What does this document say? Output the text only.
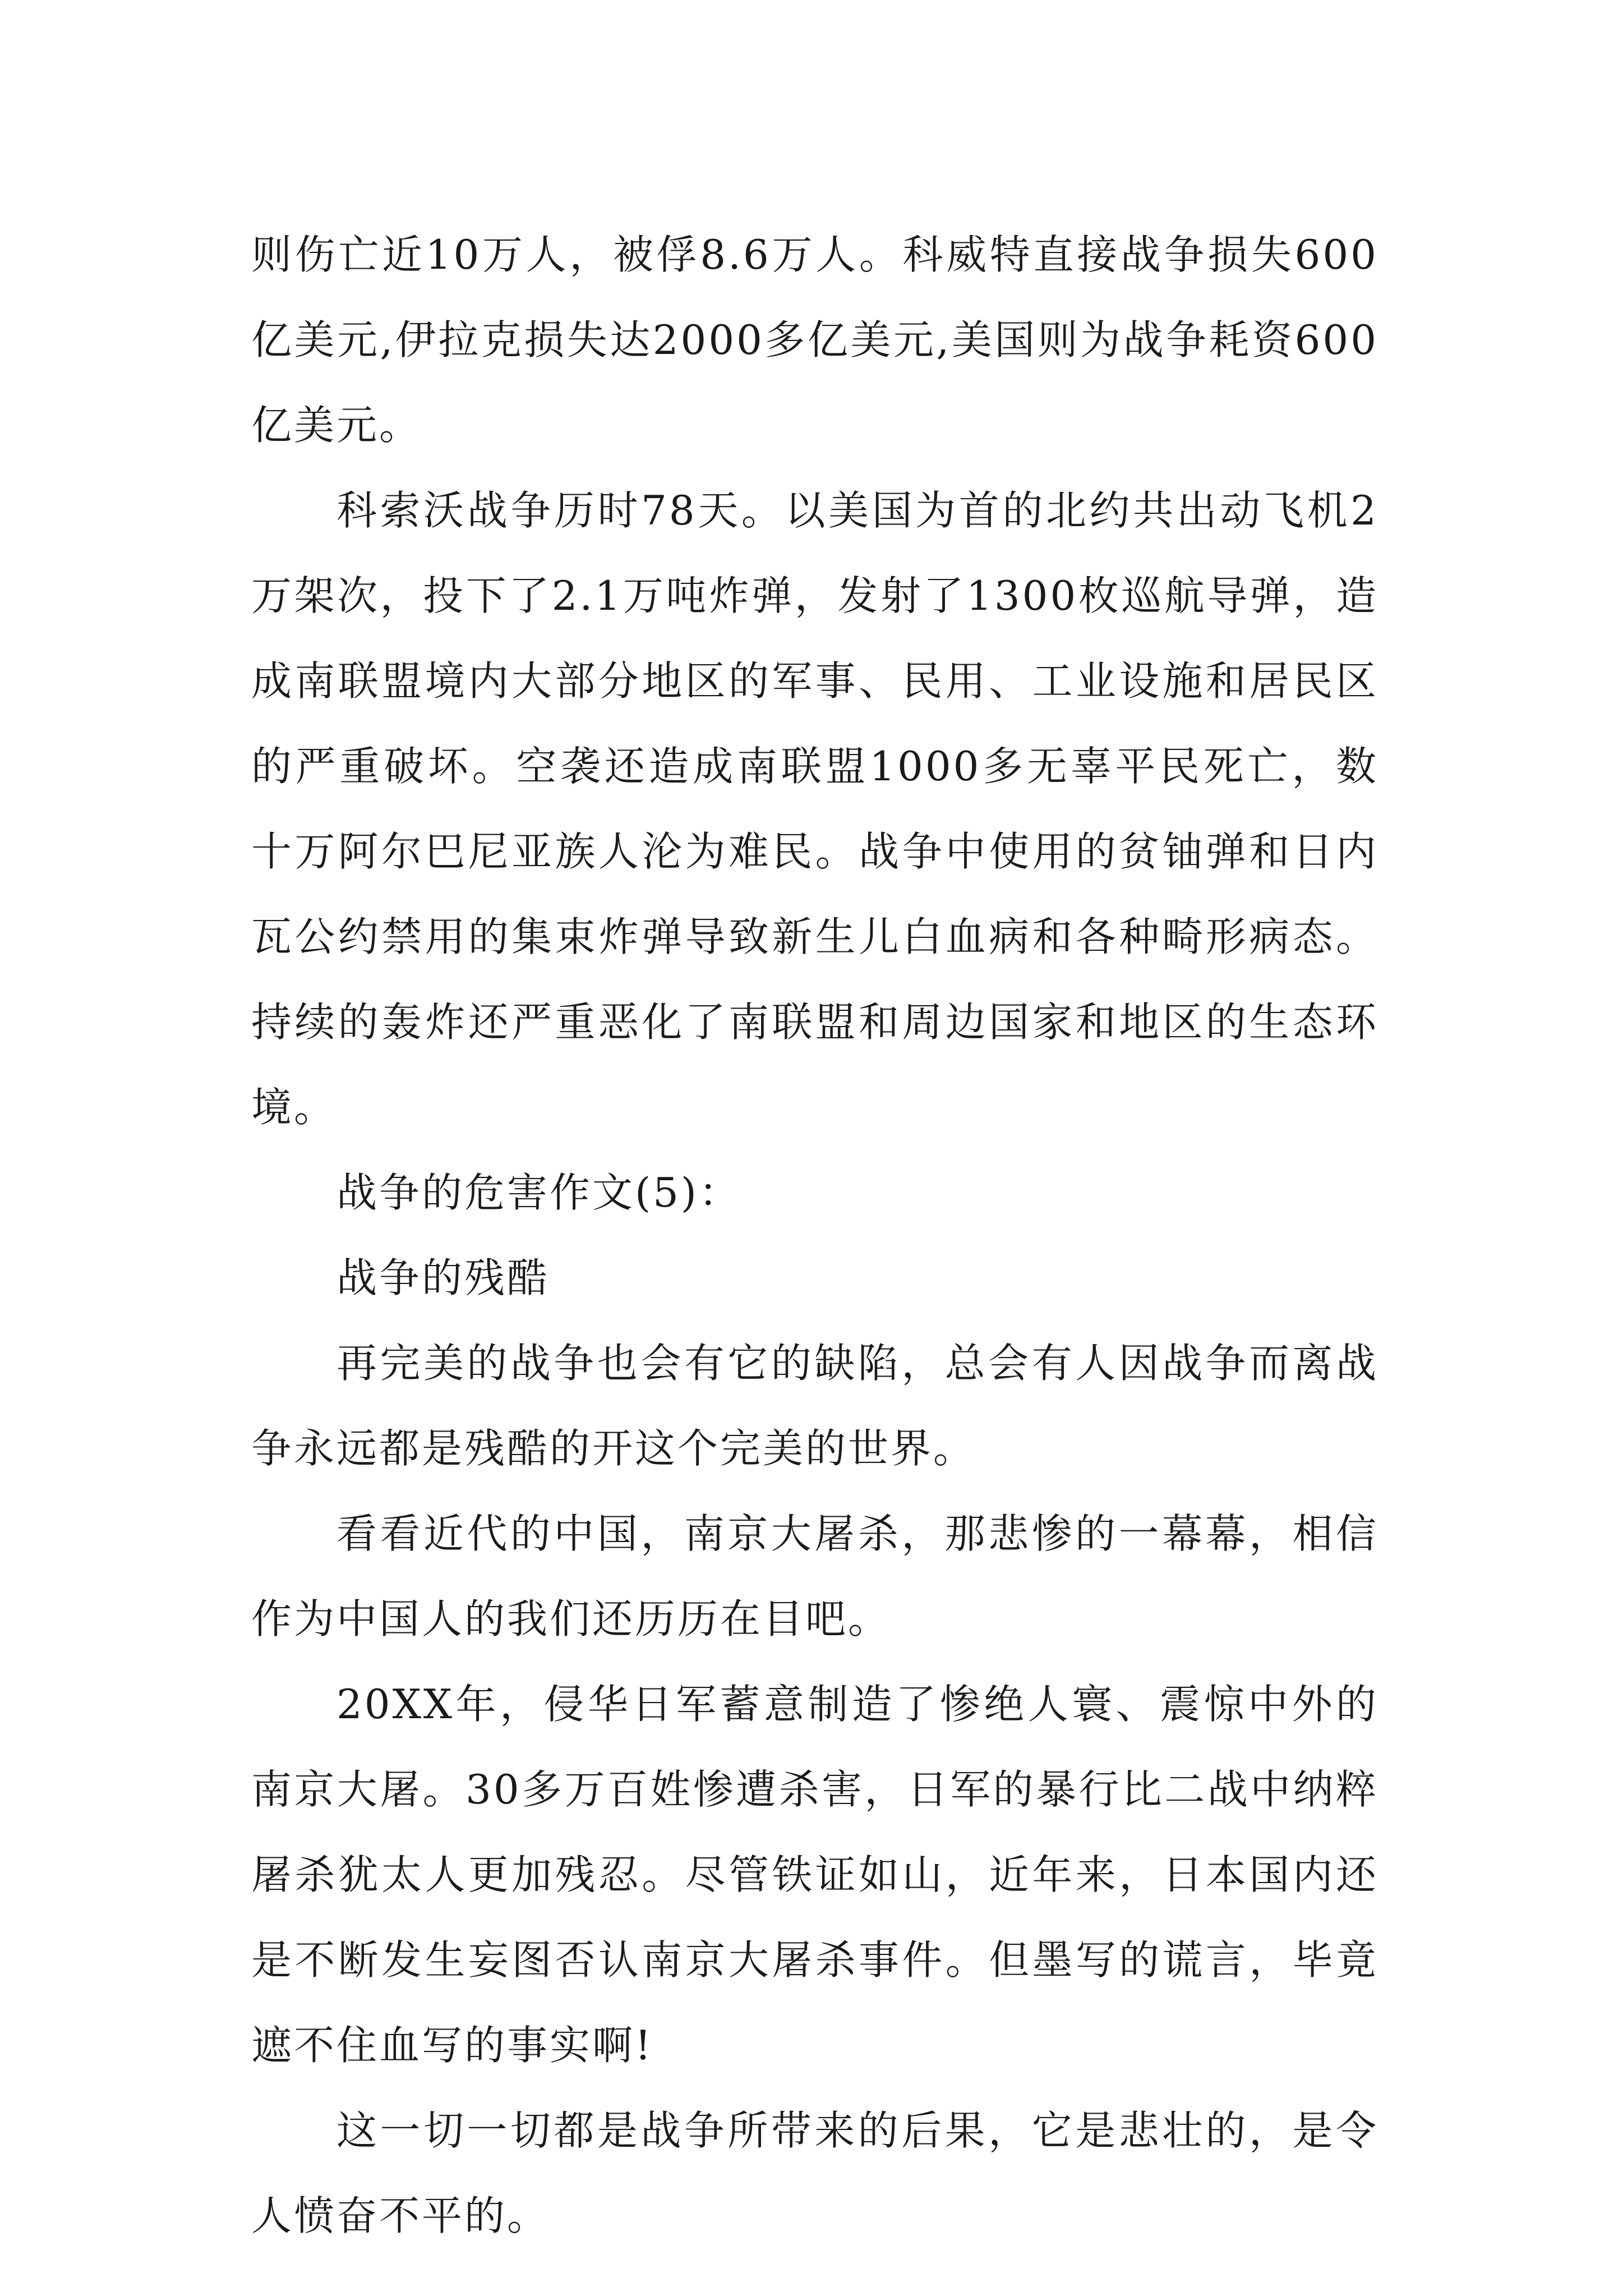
则伤亡近10万人，被俘8.6万人。科威特直接战争损失600亿美元,伊拉克损失达2000多亿美元,美国则为战争耗资600亿美元。

科索沃战争历时78天。以美国为首的北约共出动飞机2万架次，投下了2.1万吨炸弹，发射了1300枚巡航导弹，造成南联盟境内大部分地区的军事、民用、工业设施和居民区的严重破坏。空袭还造成南联盟1000多无辜平民死亡，数十万阿尔巴尼亚族人沦为难民。战争中使用的贫铀弹和日内瓦公约禁用的集束炸弹导致新生儿白血病和各种畸形病态。持续的轰炸还严重恶化了南联盟和周边国家和地区的生态环境。

战争的危害作文(5)：

战争的残酷

再完美的战争也会有它的缺陷，总会有人因战争而离战争永远都是残酷的开这个完美的世界。

看看近代的中国，南京大屠杀，那悲惨的一幕幕，相信作为中国人的我们还历历在目吧。

20XX年，侵华日军蓄意制造了惨绝人寰、震惊中外的南京大屠。30多万百姓惨遭杀害，日军的暴行比二战中纳粹屠杀犹太人更加残忍。尽管铁证如山，近年来，日本国内还是不断发生妄图否认南京大屠杀事件。但墨写的谎言，毕竟遮不住血写的事实啊!

这一切一切都是战争所带来的后果，它是悲壮的，是令人愤奋不平的。
